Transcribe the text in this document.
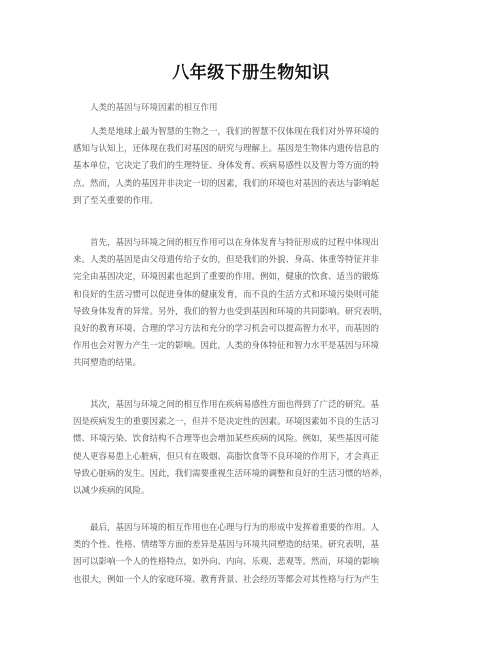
八年级下册生物知识
人类的基因与环境因素的相互作用
人类是地球上最为智慧的生物之一，我们的智慧不仅体现在我们对外界环境的
感知与认知上，还体现在我们对基因的研究与理解上。基因是生物体内遗传信息的
基本单位，它决定了我们的生理特征、身体发育、疾病易感性以及智力等方面的特
点。然而，人类的基因并非决定一切的因素，我们的环境也对基因的表达与影响起
到了至关重要的作用。
首先，基因与环境之间的相互作用可以在身体发育与特征形成的过程中体现出
来。人类的基因是由父母遗传给子女的，但是我们的外貌、身高、体重等特征并非
完全由基因决定，环境因素也起到了重要的作用。例如，健康的饮食、适当的锻炼
和良好的生活习惯可以促进身体的健康发育，而不良的生活方式和环境污染则可能
导致身体发育的异常。另外，我们的智力也受到基因和环境的共同影响。研究表明，
良好的教育环境、合理的学习方法和充分的学习机会可以提高智力水平，而基因的
作用也会对智力产生一定的影响。因此，人类的身体特征和智力水平是基因与环境
共同塑造的结果。
其次，基因与环境之间的相互作用在疾病易感性方面也得到了广泛的研究。基
因是疾病发生的重要因素之一，但并不是决定性的因素。环境因素如不良的生活习
惯、环境污染、饮食结构不合理等也会增加某些疾病的风险。例如，某些基因可能
使人更容易患上心脏病，但只有在吸烟、高脂饮食等不良环境的作用下，才会真正
导致心脏病的发生。因此，我们需要重视生活环境的调整和良好的生活习惯的培养，
以减少疾病的风险。
最后，基因与环境的相互作用也在心理与行为的形成中发挥着重要的作用。人
类的个性、性格、情绪等方面的差异是基因与环境共同塑造的结果。研究表明，基
因可以影响一个人的性格特点，如外向、内向、乐观、悲观等。然而，环境的影响
也很大，例如一个人的家庭环境、教育背景、社会经历等都会对其性格与行为产生
